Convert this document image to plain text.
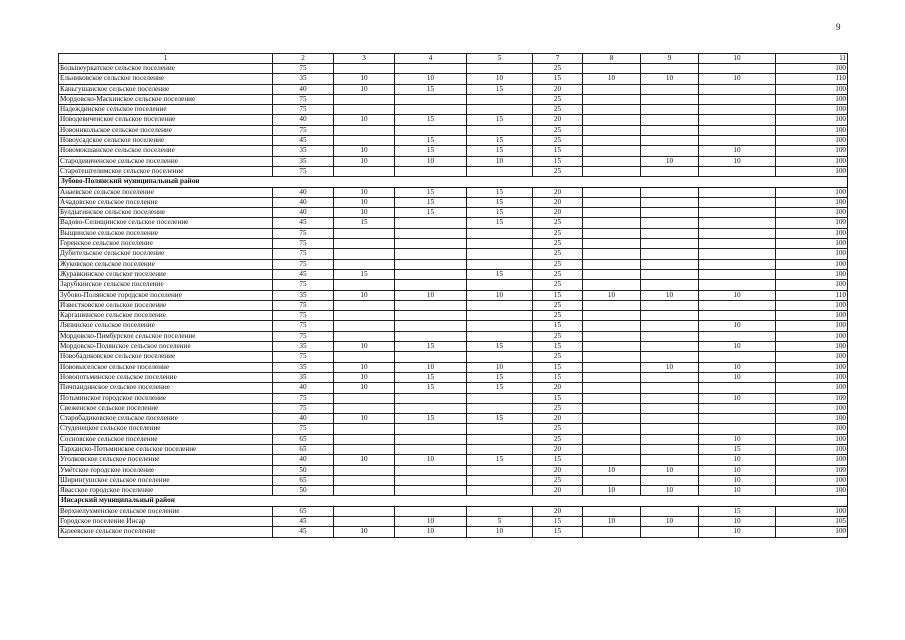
9
1	2	3	4	5	7	8	9	10	11
Большеуркатское сельское поселение	75				25				100
Ельниковское сельское поселение	35	10	10	10	15	10	10	10	110
Каньгушанское сельское поселение	40	10	15	15	20				100
Мордовско-Маскинское сельское поселение	75				25				100
Надеждинское сельское поселение	75				25				100
Новодевиченское сельское поселение	40	10	15	15	20				100
Новоникольское сельское поселение	75				25				100
Новоусадское сельское поселение	45		15	15	25				100
Новомокшанское сельское поселение	35	10	15	15	15			10	100
Стародевиченское сельское поселение	35	10	10	10	15		10	10	100
Старотештелимское сельское поселение	75				25				100
Зубово-Полянский муниципальный район									
Анаевское сельское поселение	40	10	15	15	20				100
Ачадовское сельское поселение	40	10	15	15	20				100
Булдыгинское сельское поселение	40	10	15	15	20				100
Вадово-Селищинское сельское поселение	45	15		15	25				100
Выщинское сельское поселение	75				25				100
Горенское сельское поселение	75				25				100
Дубительское сельское поселение	75				25				100
Жуковское сельское поселение	75				25				100
Журавкинское сельское поселение	45	15		15	25				100
Зарубкинское сельское поселение	75				25				100
Зубово-Полянское городское поселение	35	10	10	10	15	10	10	10	110
Известковское сельское поселение	75				25				100
Каргашинское сельское поселение	75				25				100
Ляпинское сельское поселение	75				15			10	100
Мордовско-Пимбурское сельское поселение	75				25				100
Мордовско-Полянское сельское поселение	35	10	15	15	15			10	100
Новобадиковское сельское поселение	75				25				100
Нововыселское сельское поселение	35	10	10	10	15		10	10	100
Новопотьминское сельское поселение	35	10	15	15	15			10	100
Пичпандинское сельское поселение	40	10	15	15	20				100
Потьминское городское поселение	75				15			10	100
Свеженское сельское поселение	75				25				100
Старобадиковское сельское поселение	40	10	15	15	20				100
Студенецкое сельское поселение	75				25				100
Сосновское сельское поселение	65				25			10	100
Тарханско-Потьминское сельское поселение	65				20			15	100
Уголковское сельское поселение	40	10	10	15	15			10	100
Умётское городское поселение	50				20	10	10	10	100
Ширингушское сельское поселение	65				25			10	100
Явасское городское поселение	50				20	10	10	10	100
Инсарский муниципальный район									
Верхнелухменское сельское поселение	65				20			15	100
Городское поселение Инсар	45		10	5	15	10	10	10	105
Казеевское сельское поселение	45	10	10	10	15			10	100
